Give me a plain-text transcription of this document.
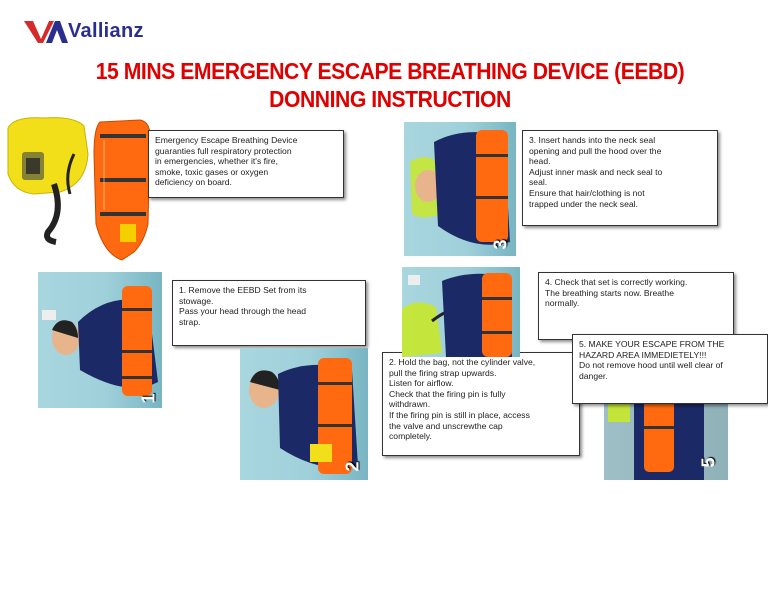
Vallianz
15 MINS EMERGENCY ESCAPE BREATHING DEVICE (EEBD)
DONNING INSTRUCTION
Emergency Escape Breathing Device
guaranties full respiratory protection
in emergencies, whether it's fire,
smoke, toxic gases or oxygen
deficiency on board.
1
1. Remove the EEBD Set from its
stowage.
Pass your head through the head
strap.
2
2. Hold the bag, not the cylinder valve,
pull the firing strap upwards.
Listen for airflow.
Check that the firing pin is fully
withdrawn.
If the firing pin is still in place, access
the valve and unscrewthe cap
completely.
3
3. Insert hands into the neck seal
opening and pull the hood over the
head.
Adjust inner mask and neck seal to
seal.
Ensure that hair/clothing is not
trapped under the neck seal.
4. Check that set is correctly working.
The breathing starts now. Breathe
normally.
5
5. MAKE YOUR ESCAPE FROM THE
HAZARD AREA IMMEDIETELY!!!
Do not remove hood until well clear of
danger.
